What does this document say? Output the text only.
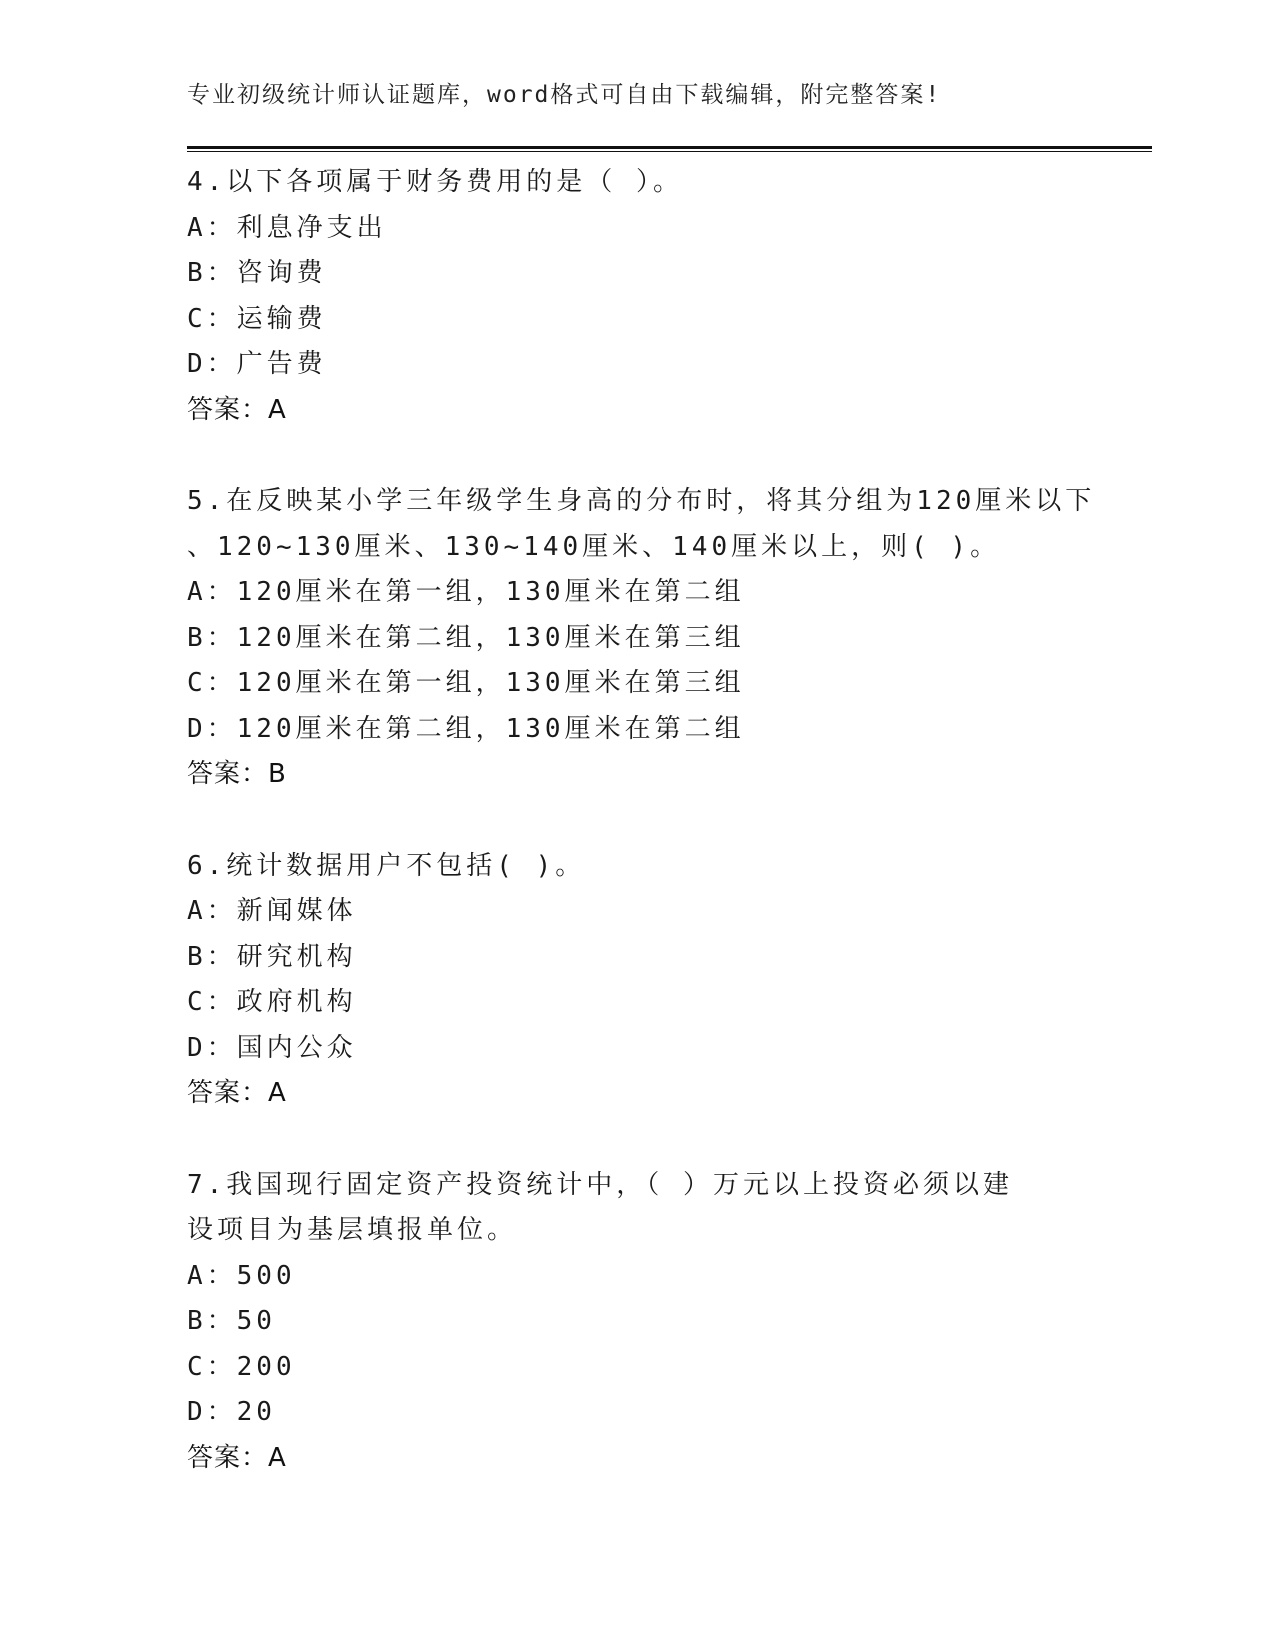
专业初级统计师认证题库，word格式可自由下载编辑，附完整答案!
4.以下各项属于财务费用的是（ ）。
A：利息净支出
B：咨询费
C：运输费
D：广告费
答案：A
5.在反映某小学三年级学生身高的分布时，将其分组为120厘米以下
、120~130厘米、130~140厘米、140厘米以上，则( )。
A：120厘米在第一组，130厘米在第二组
B：120厘米在第二组，130厘米在第三组
C：120厘米在第一组，130厘米在第三组
D：120厘米在第二组，130厘米在第二组
答案：B
6.统计数据用户不包括( )。
A：新闻媒体
B：研究机构
C：政府机构
D：国内公众
答案：A
7.我国现行固定资产投资统计中，（ ）万元以上投资必须以建
设项目为基层填报单位。
A：500
B：50
C：200
D：20
答案：A
